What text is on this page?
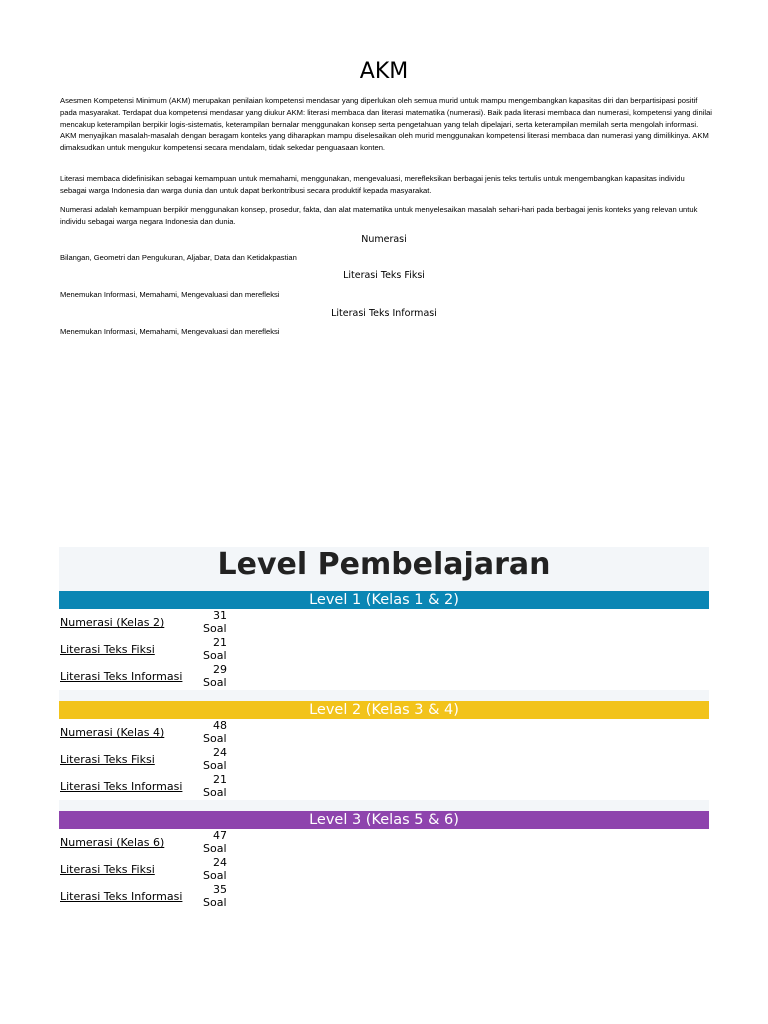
AKM

Asesmen Kompetensi Minimum (AKM) merupakan penilaian kompetensi mendasar yang diperlukan oleh semua murid untuk mampu mengembangkan kapasitas diri dan berpartisipasi positif pada masyarakat. Terdapat dua kompetensi mendasar yang diukur AKM: literasi membaca dan literasi matematika (numerasi). Baik pada literasi membaca dan numerasi, kompetensi yang dinilai mencakup keterampilan berpikir logis-sistematis, keterampilan bernalar menggunakan konsep serta pengetahuan yang telah dipelajari, serta keterampilan memilah serta mengolah informasi. AKM menyajikan masalah-masalah dengan beragam konteks yang diharapkan mampu diselesaikan oleh murid menggunakan kompetensi literasi membaca dan numerasi yang dimilikinya. AKM dimaksudkan untuk mengukur kompetensi secara mendalam, tidak sekedar penguasaan konten.

Literasi membaca didefinisikan sebagai kemampuan untuk memahami, menggunakan, mengevaluasi, merefleksikan berbagai jenis teks tertulis untuk mengembangkan kapasitas individu sebagai warga Indonesia dan warga dunia dan untuk dapat berkontribusi secara produktif kepada masyarakat.

Numerasi adalah kemampuan berpikir menggunakan konsep, prosedur, fakta, dan alat matematika untuk menyelesaikan masalah sehari-hari pada berbagai jenis konteks yang relevan untuk individu sebagai warga negara Indonesia dan dunia.

Numerasi
Bilangan, Geometri dan Pengukuran, Aljabar, Data dan Ketidakpastian
Literasi Teks Fiksi
Menemukan Informasi, Memahami, Mengevaluasi dan merefleksi
Literasi Teks Informasi
Menemukan Informasi, Memahami, Mengevaluasi dan merefleksi
Level Pembelajaran
Level 1 (Kelas 1 & 2)
Numerasi (Kelas 2)
31
Soal
Literasi Teks Fiksi
21
Soal
Literasi Teks Informasi
29
Soal
Level 2 (Kelas 3 & 4)
Numerasi (Kelas 4)
48
Soal
Literasi Teks Fiksi
24
Soal
Literasi Teks Informasi
21
Soal
Level 3 (Kelas 5 & 6)
Numerasi (Kelas 6)
47
Soal
Literasi Teks Fiksi
24
Soal
Literasi Teks Informasi
35
Soal
